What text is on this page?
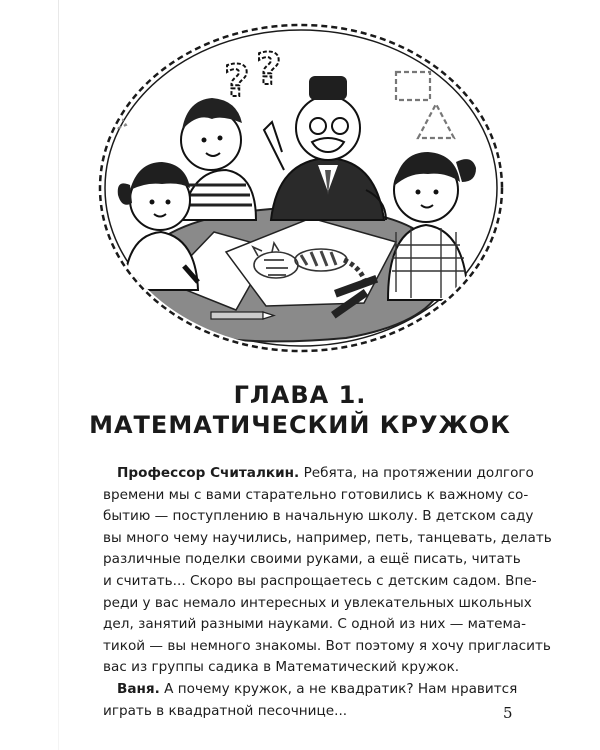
? ?
ГЛАВА 1.
МАТЕМАТИЧЕСКИЙ КРУЖОК
Профессор Считалкин. Ребята, на протяжении долгого
времени мы с вами старательно готовились к важному со-
бытию — поступлению в начальную школу. В детском саду
вы много чему научились, например, петь, танцевать, делать
различные поделки своими руками, а ещё писать, читать
и считать... Скоро вы распрощаетесь с детским садом. Впе-
реди у вас немало интересных и увлекательных школьных
дел, занятий разными науками. С одной из них — матема-
тикой — вы немного знакомы. Вот поэтому я хочу пригласить
вас из группы садика в Математический кружок.
Ваня. А почему кружок, а не квадратик? Нам нравится
играть в квадратной песочнице...	5
